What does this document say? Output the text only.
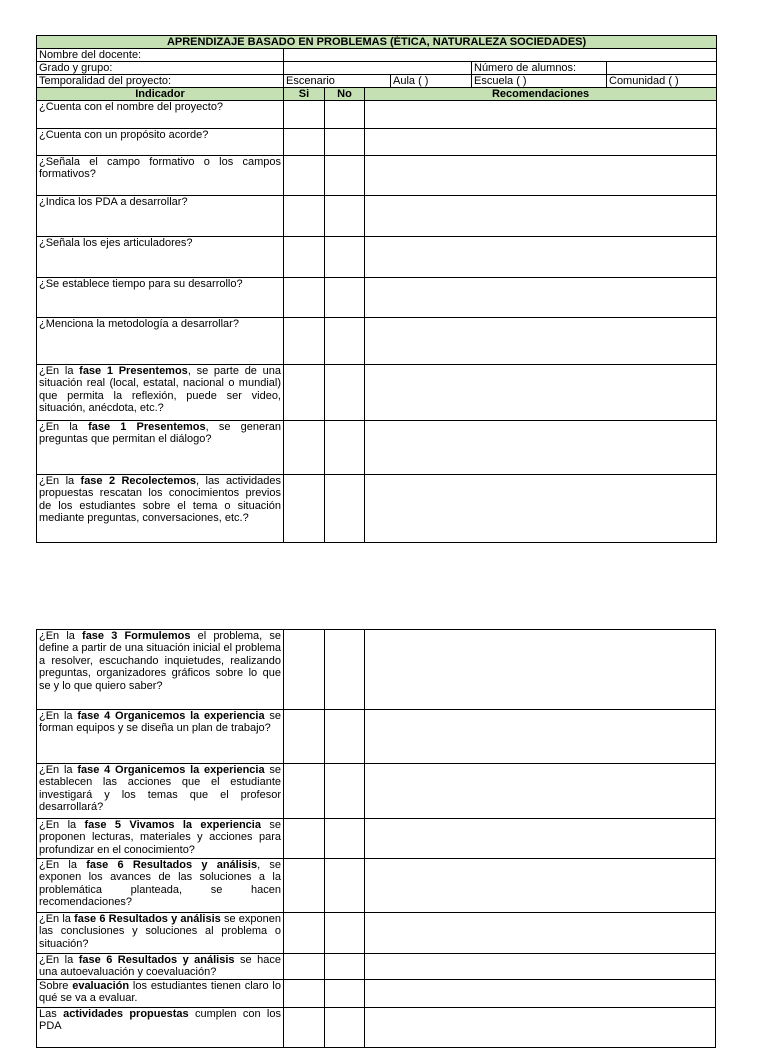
APRENDIZAJE BASADO EN PROBLEMAS (ÉTICA, NATURALEZA SOCIEDADES)						
Nombre del docente:						
Grado y grupo:					Número de alumnos:	
Temporalidad del proyecto:	Escenario			Aula ( )	Escuela ( )	Comunidad ( )
Indicador	Si	No	Recomendaciones			

¿Cuenta con el nombre del proyecto?						

¿Cuenta con un propósito acorde?						

¿Señala el campo formativo o los campos formativos?						

¿Indica los PDA a desarrollar?						

¿Señala los ejes articuladores?						

¿Se establece tiempo para su desarrollo?						

¿Menciona la metodología a desarrollar?						

¿En la fase 1 Presentemos, se parte de una situación real (local, estatal, nacional o mundial) que permita la reflexión, puede ser video, situación, anécdota, etc.?						

¿En la fase 1 Presentemos, se generan preguntas que permitan el diálogo?						

¿En la fase 2 Recolectemos, las actividades propuestas rescatan los conocimientos previos de los estudiantes sobre el tema o situación mediante preguntas, conversaciones, etc.?						

¿En la fase 3 Formulemos el problema, se define a partir de una situación inicial el problema a resolver, escuchando inquietudes, realizando preguntas, organizadores gráficos sobre lo que se y lo que quiero saber?			

¿En la fase 4 Organicemos la experiencia se forman equipos y se diseña un plan de trabajo?			

¿En la fase 4 Organicemos la experiencia se establecen las acciones que el estudiante investigará y los temas que el profesor desarrollará?			

¿En la fase 5 Vivamos la experiencia se proponen lecturas, materiales y acciones para profundizar en el conocimiento?			

¿En la fase 6 Resultados y análisis, se exponen los avances de las soluciones a la problemática planteada, se hacen recomendaciones?			

¿En la fase 6 Resultados y análisis se exponen las conclusiones y soluciones al problema o situación?			

¿En la fase 6 Resultados y análisis se hace una autoevaluación y coevaluación?			

Sobre evaluación los estudiantes tienen claro lo qué se va a evaluar.			

Las actividades propuestas cumplen con los PDA			
